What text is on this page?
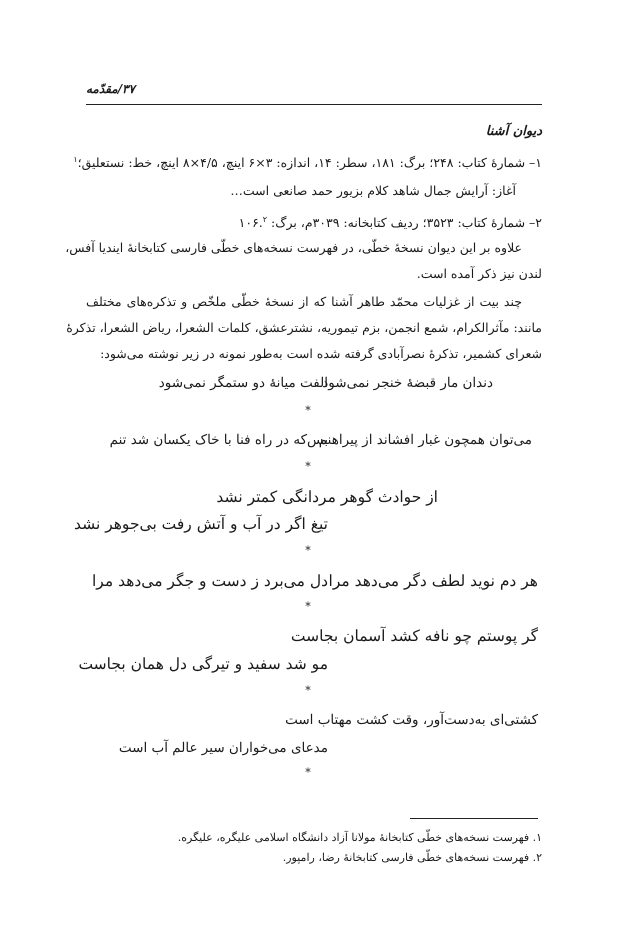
۳۷/مقدّمه
دیوان آشنا
۱– شمارۀ کتاب: ۲۴۸؛ برگ: ۱۸۱، سطر: ۱۴، اندازه: ۳×۶ اینچ، ۴/۵×۸ اینچ، خط: نستعلیق؛$^۱$
آغاز: آرایش جمال شاهد کلام بزیور حمد صانعی است…
۲– شمارۀ کتاب: ۳۵۲۳؛ ردیف کتابخانه: ۳۰۳۹م، برگ: ۱۰۶.$^۲$
علاوه بر این دیوان نسخۀ خطّی، در فهرست نسخه‌های خطّی فارسی کتابخانۀ ایندیا آفس،
لندن نیز ذکر آمده است.
چند بیت از غزلیات محمّد طاهر آشنا که از نسخۀ خطّی ملخّص و تذکره‌های مختلف
مانند: مآثرالکرام، شمع انجمن، بزم تیموریه، نشترعشق، کلمات الشعرا، ریاض الشعرا، تذکرۀ
شعرای کشمیر، تذکرۀ نصرآبادی گرفته شده است به‌طور نمونه در زیر نوشته می‌شود:
الفت میانۀ دو ستمگر نمی‌شود
دندان مار قبضۀ خنجر نمی‌شود
*
بس‌که در راه فنا با خاک یکسان شد تنم
می‌توان همچون غبار افشاند از پیراهنم
*
از حوادث گوهر مردانگی کمتر نشد
تیغ اگر در آب و آتش رفت بی‌جوهر نشد
*
هر دم نوید لطف دگر می‌دهد مرا
دل می‌برد ز دست و جگر می‌دهد مرا
*
گر پوستم چو نافه کشد آسمان بجاست
مو شد سفید و تیرگی دل همان بجاست
*
کشتی‌ای به‌دست‌آور، وقت کشت مهتاب است
مدعای می‌خواران سیر عالم آب است
*
۱. فهرست نسخه‌های خطّی کتابخانۀ مولانا آزاد دانشگاه اسلامی علیگره، علیگره.
۲. فهرست نسخه‌های خطّی فارسی کتابخانۀ رضا، رامپور.
